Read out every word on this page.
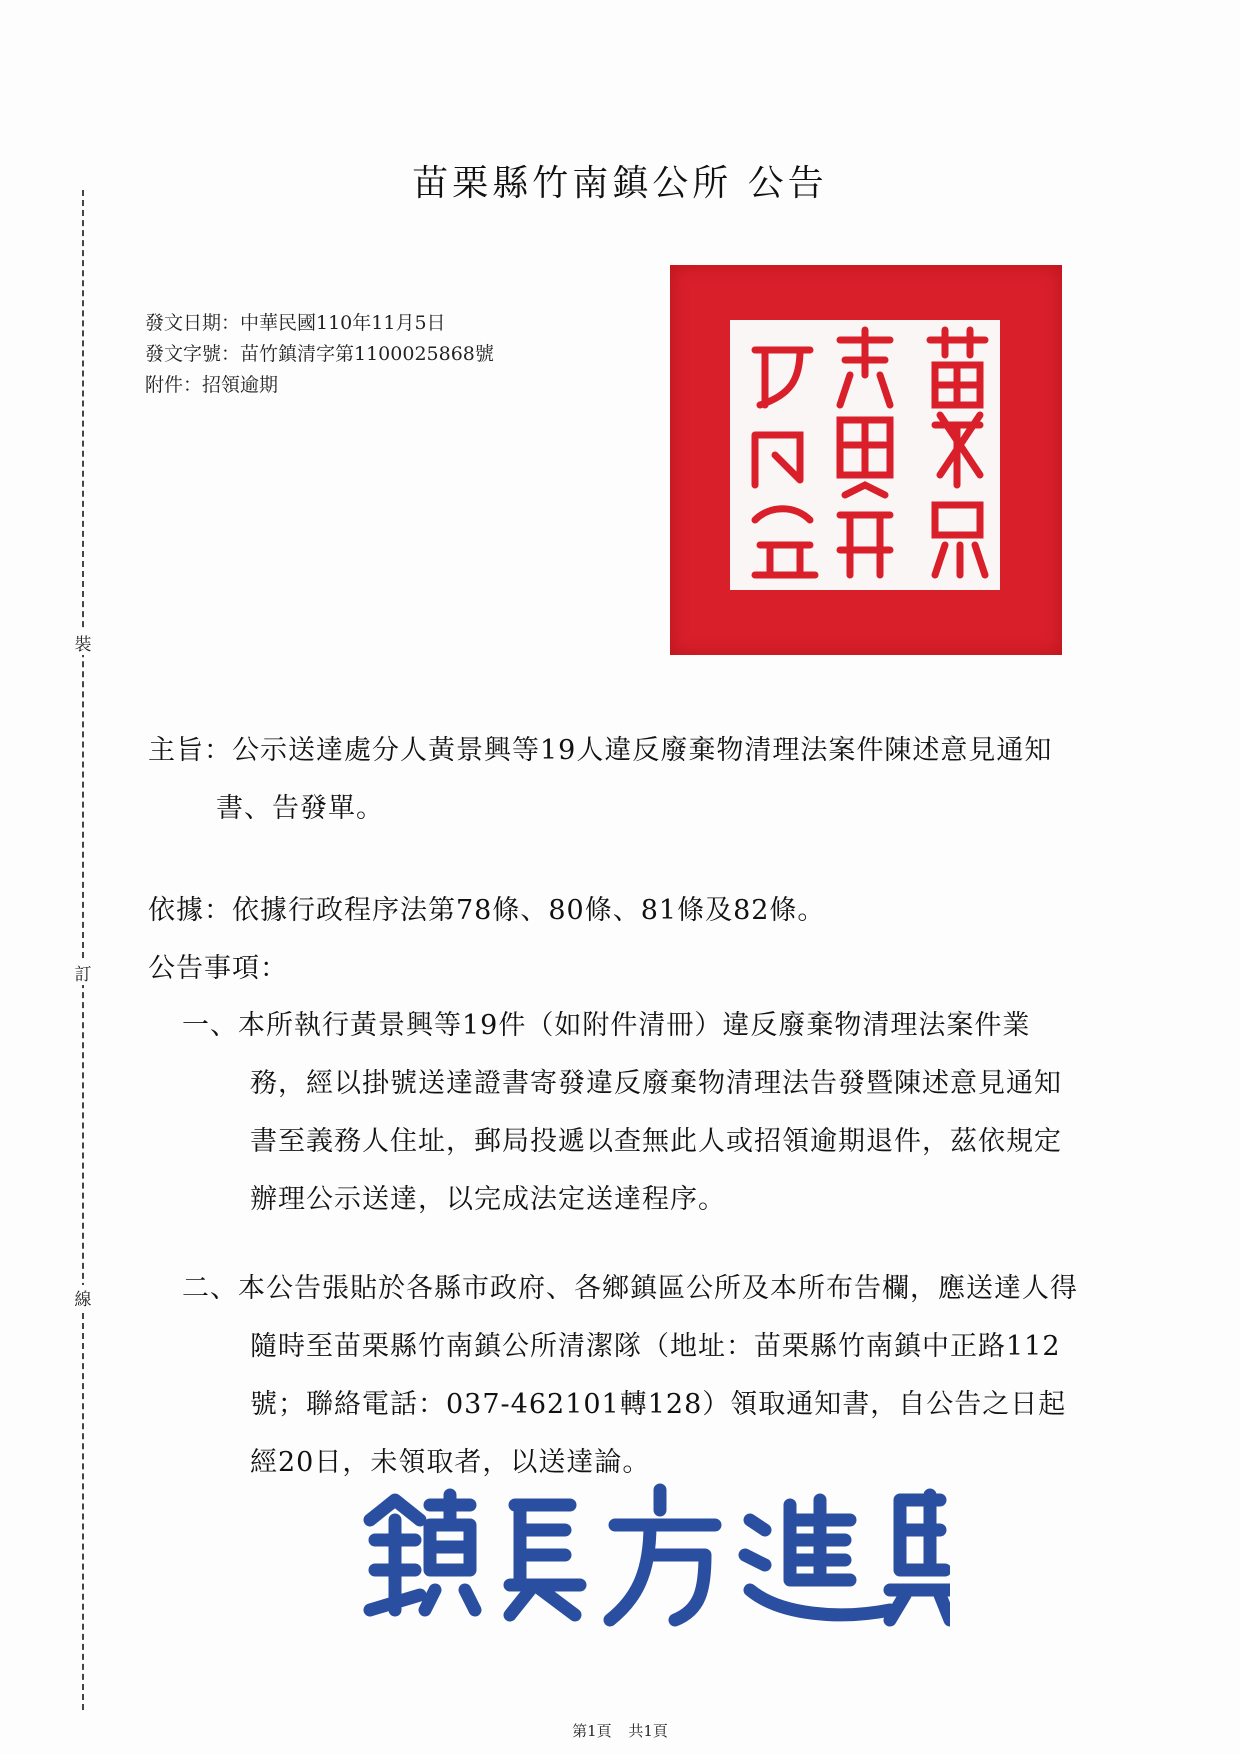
裝
訂
線
苗栗縣竹南鎮公所 公告
發文日期：中華民國110年11月5日
發文字號：苗竹鎮清字第1100025868號
附件：招領逾期
主旨：公示送達處分人黃景興等19人違反廢棄物清理法案件陳述意見通知書、告發單。
依據：依據行政程序法第78條、80條、81條及82條。
公告事項：
一、本所執行黃景興等19件（如附件清冊）違反廢棄物清理法案件業務，經以掛號送達證書寄發違反廢棄物清理法告發暨陳述意見通知書至義務人住址，郵局投遞以查無此人或招領逾期退件，茲依規定辦理公示送達，以完成法定送達程序。
二、本公告張貼於各縣市政府、各鄉鎮區公所及本所布告欄，應送達人得隨時至苗栗縣竹南鎮公所清潔隊（地址：苗栗縣竹南鎮中正路112號；聯絡電話：037-462101轉128）領取通知書，自公告之日起經20日，未領取者，以送達論。
第1頁 共1頁
